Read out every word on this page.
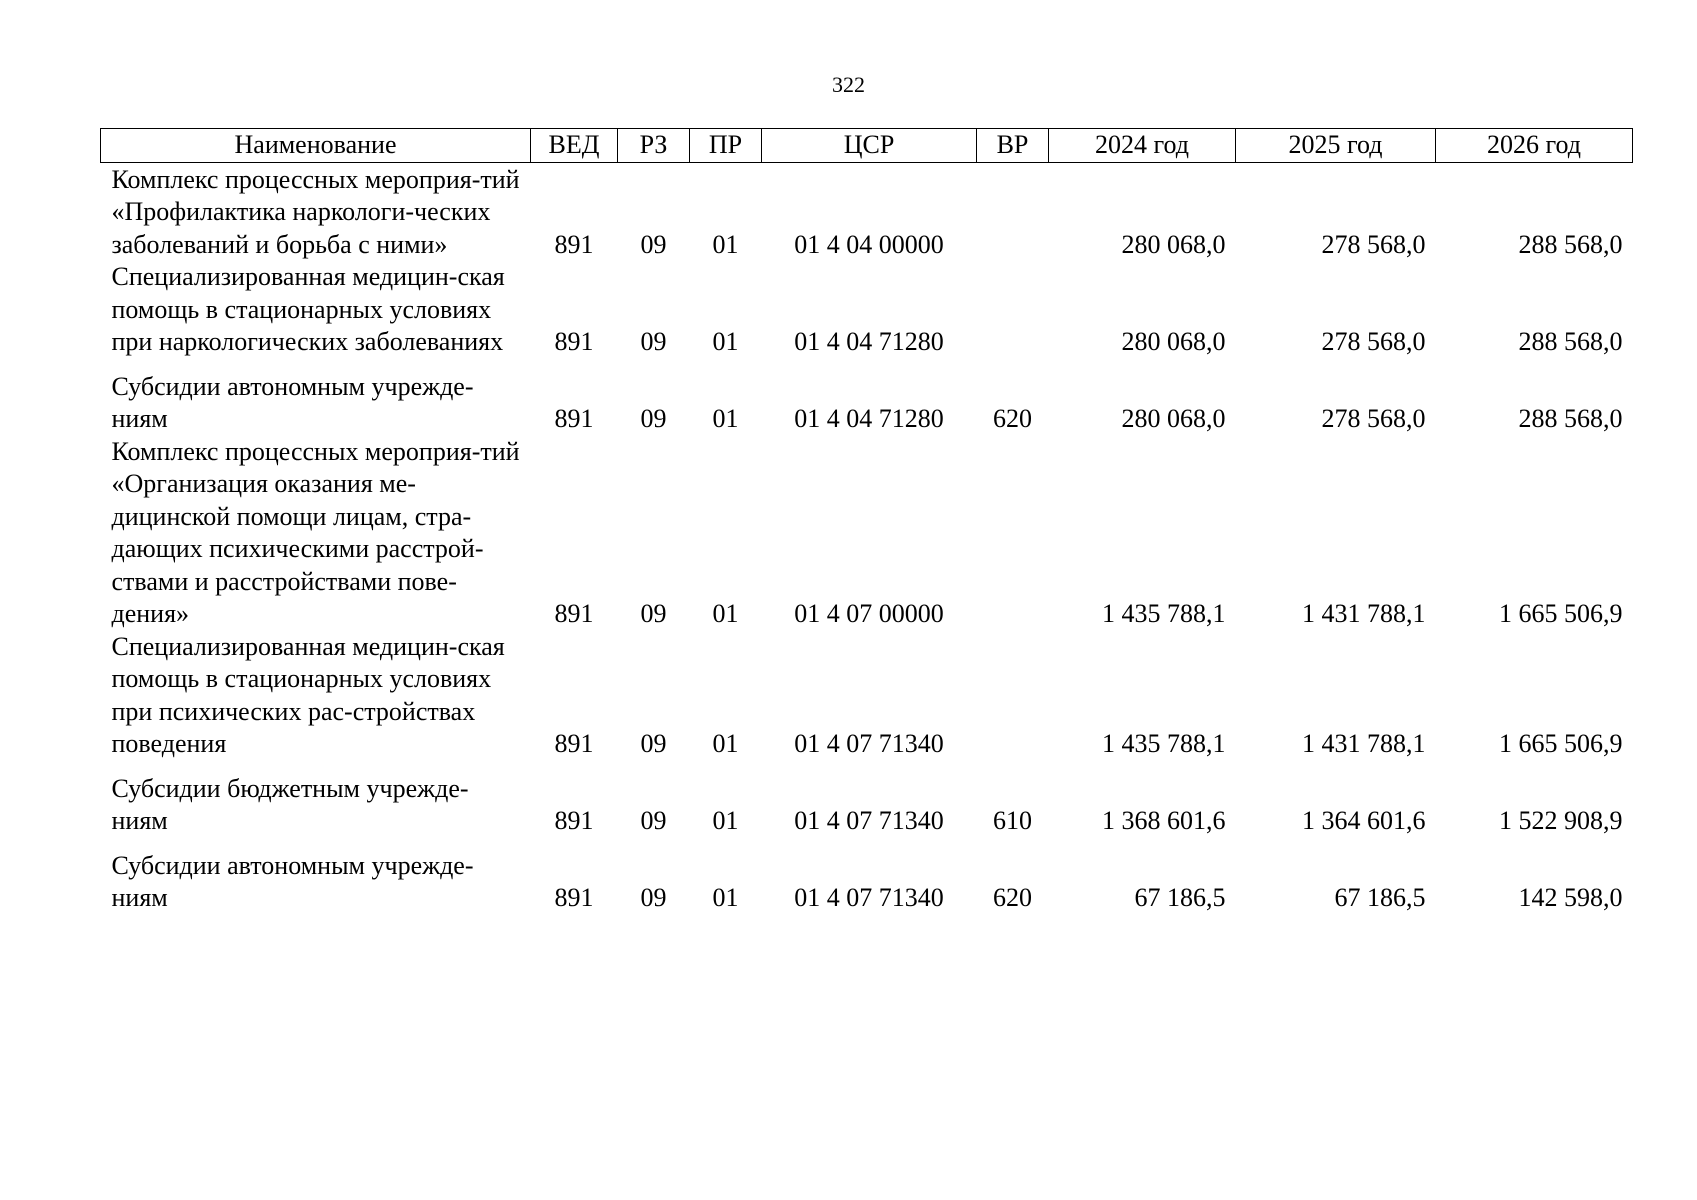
322
Наименование	ВЕД	РЗ	ПР	ЦСР	ВР	2024 год	2025 год	2026 год

Комплекс процессных мероприя-тий «Профилактика наркологи-ческих заболеваний и борьба с ними»	891	09	01	01 4 04 00000		280 068,0	278 568,0	288 568,0
Специализированная медицин-ская помощь в стационарных условиях при наркологических заболеваниях	891	09	01	01 4 04 71280		280 068,0	278 568,0	288 568,0

Субсидии автономным учрежде-ниям	891	09	01	01 4 04 71280	620	280 068,0	278 568,0	288 568,0
Комплекс процессных мероприя-тий «Организация оказания ме-дицинской помощи лицам, стра-дающих психическими расстрой-ствами и расстройствами пове-дения»	891	09	01	01 4 07 00000		1 435 788,1	1 431 788,1	1 665 506,9
Специализированная медицин-ская помощь в стационарных условиях при психических рас-стройствах поведения	891	09	01	01 4 07 71340		1 435 788,1	1 431 788,1	1 665 506,9

Субсидии бюджетным учрежде-ниям	891	09	01	01 4 07 71340	610	1 368 601,6	1 364 601,6	1 522 908,9

Субсидии автономным учрежде-ниям	891	09	01	01 4 07 71340	620	67 186,5	67 186,5	142 598,0
